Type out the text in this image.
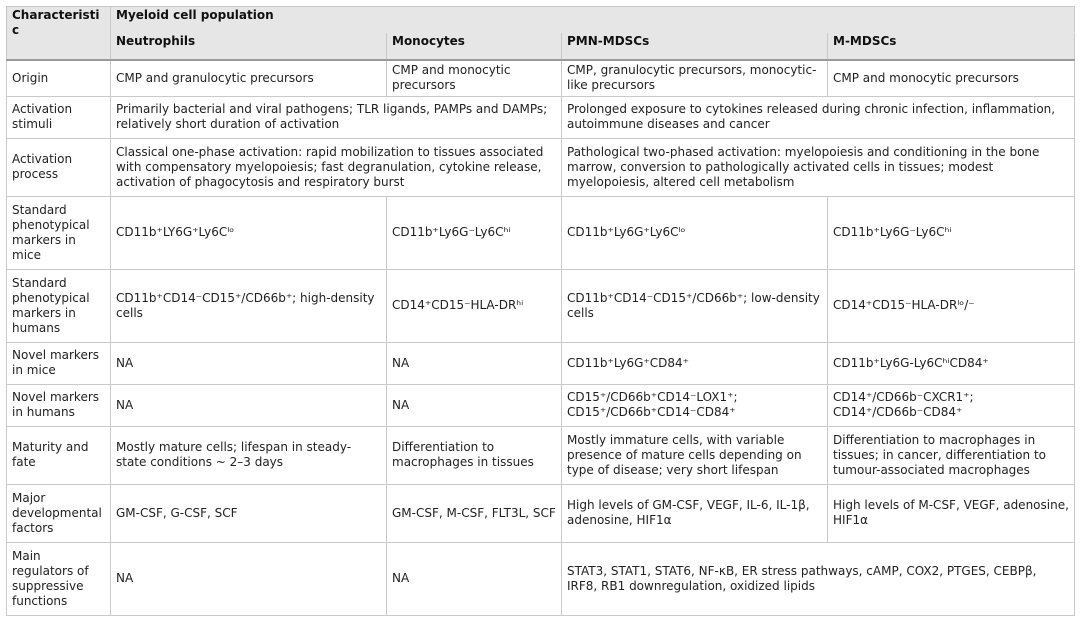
Characteristic	Myeloid cell population			
	Neutrophils	Monocytes	PMN-MDSCs	M-MDSCs
Origin	CMP and granulocytic precursors	CMP and monocytic precursors	CMP, granulocytic precursors, monocytic-like precursors	CMP and monocytic precursors
Activation stimuli	Primarily bacterial and viral pathogens; TLR ligands, PAMPs and DAMPs; relatively short duration of activation		Prolonged exposure to cytokines released during chronic infection, inflammation, autoimmune diseases and cancer	
Activation process	Classical one-phase activation: rapid mobilization to tissues associated with compensatory myelopoiesis; fast degranulation, cytokine release, activation of phagocytosis and respiratory burst		Pathological two-phased activation: myelopoiesis and conditioning in the bone marrow, conversion to pathologically activated cells in tissues; modest myelopoiesis, altered cell metabolism	
Standard phenotypical markers in mice	CD11b⁺LY6G⁺Ly6Cˡᵒ	CD11b⁺Ly6G⁻Ly6Cʰⁱ	CD11b⁺Ly6G⁺Ly6Cˡᵒ	CD11b⁺Ly6G⁻Ly6Cʰⁱ
Standard phenotypical markers in humans	CD11b⁺CD14⁻CD15⁺/CD66b⁺; high-density cells	CD14⁺CD15⁻HLA-DRʰⁱ	CD11b⁺CD14⁻CD15⁺/CD66b⁺; low-density cells	CD14⁺CD15⁻HLA-DRˡᵒ/⁻
Novel markers in mice	NA	NA	CD11b⁺Ly6G⁺CD84⁺	CD11b⁺Ly6G-Ly6CʰⁱCD84⁺
Novel markers in humans	NA	NA	CD15⁺/CD66b⁺CD14⁻LOX1⁺; CD15⁺/CD66b⁺CD14⁻CD84⁺	CD14⁺/CD66b⁻CXCR1⁺; CD14⁺/CD66b⁻CD84⁺
Maturity and fate	Mostly mature cells; lifespan in steady-state conditions ~ 2–3 days	Differentiation to macrophages in tissues	Mostly immature cells, with variable presence of mature cells depending on type of disease; very short lifespan	Differentiation to macrophages in tissues; in cancer, differentiation to tumour-associated macrophages
Major developmental factors	GM-CSF, G-CSF, SCF	GM-CSF, M-CSF, FLT3L, SCF	High levels of GM-CSF, VEGF, IL-6, IL-1β, adenosine, HIF1α	High levels of M-CSF, VEGF, adenosine, HIF1α
Main regulators of suppressive functions	NA	NA	STAT3, STAT1, STAT6, NF-κB, ER stress pathways, cAMP, COX2, PTGES, CEBPβ, IRF8, RB1 downregulation, oxidized lipids	
